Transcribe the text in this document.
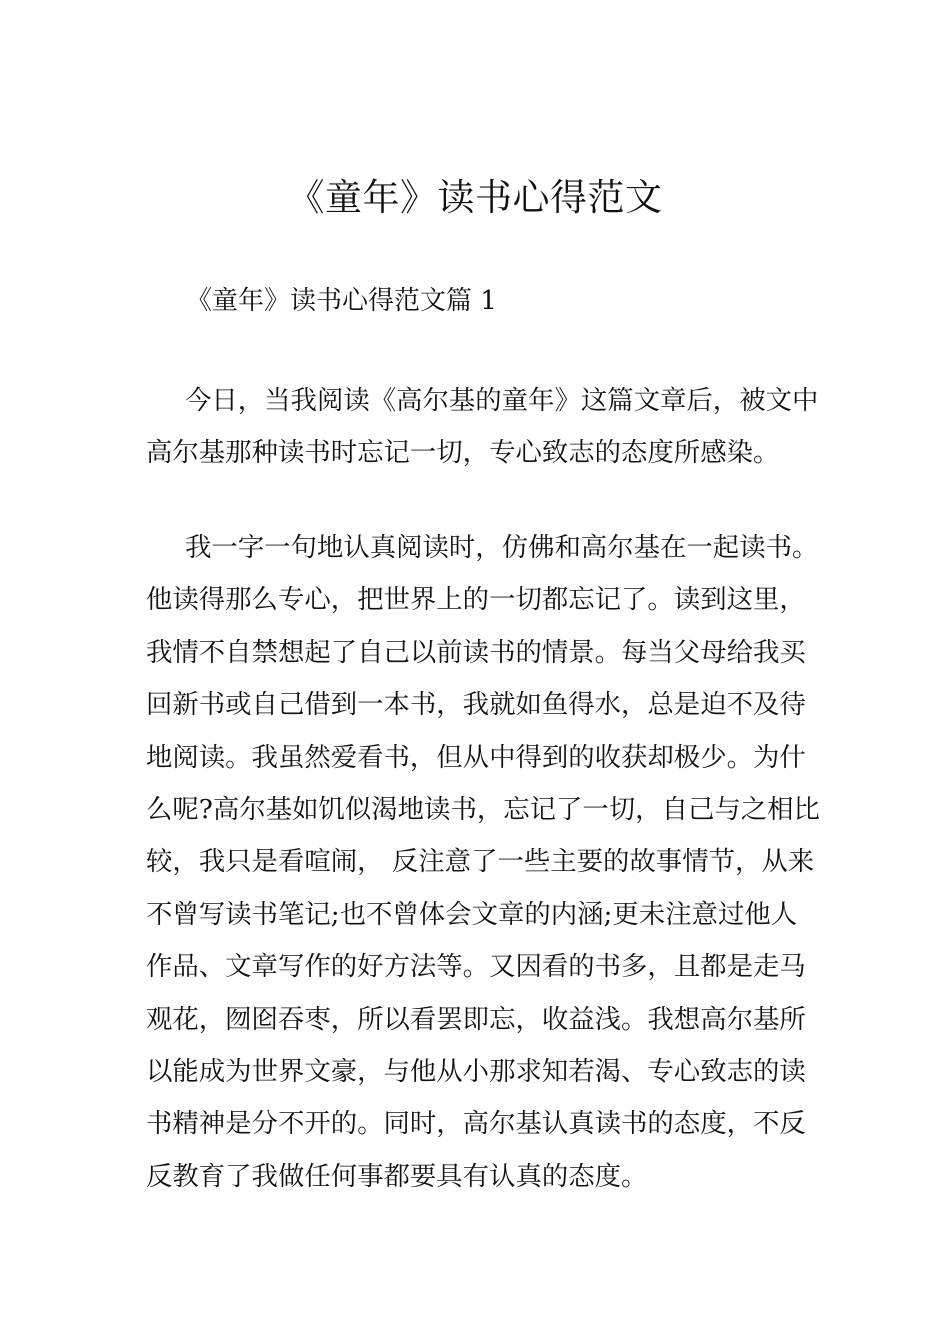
《童年》读书心得范文

《童年》读书心得范文篇 1

今日，当我阅读《高尔基的童年》这篇文章后，被文中
高尔基那种读书时忘记一切，专心致志的态度所感染。
我一字一句地认真阅读时，仿佛和高尔基在一起读书。
他读得那么专心，把世界上的一切都忘记了。读到这里，
我情不自禁想起了自己以前读书的情景。每当父母给我买
回新书或自己借到一本书，我就如鱼得水，总是迫不及待
地阅读。我虽然爱看书，但从中得到的收获却极少。为什
么呢?高尔基如饥似渴地读书，忘记了一切，自己与之相比
较，我只是看喧闹， 反注意了一些主要的故事情节，从来
不曾写读书笔记;也不曾体会文章的内涵;更未注意过他人
作品、文章写作的好方法等。又因看的书多，且都是走马
观花，囫囵吞枣，所以看罢即忘，收益浅。我想高尔基所
以能成为世界文豪，与他从小那求知若渴、专心致志的读
书精神是分不开的。同时，高尔基认真读书的态度，不反
反教育了我做任何事都要具有认真的态度。
